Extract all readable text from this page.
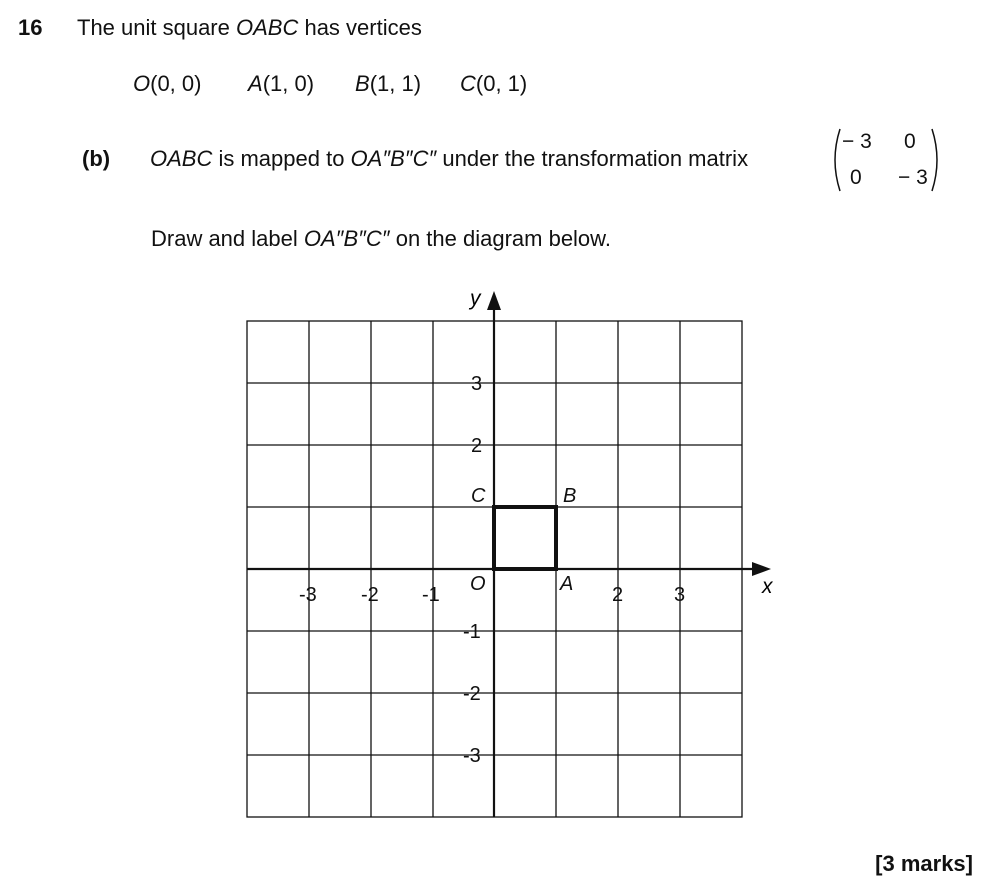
16 The unit square OABC has vertices
O(0, 0) A(1, 0) B(1, 1) C(0, 1)
(b) OABC is mapped to OA″B″C″ under the transformation matrix
− 3 0
0 − 3
Draw and label OA″B″C″ on the diagram below.
y
x
-3 -2 -1	2	3
3
2
-1
-2
-3
C	B
O	A
[3 marks]
